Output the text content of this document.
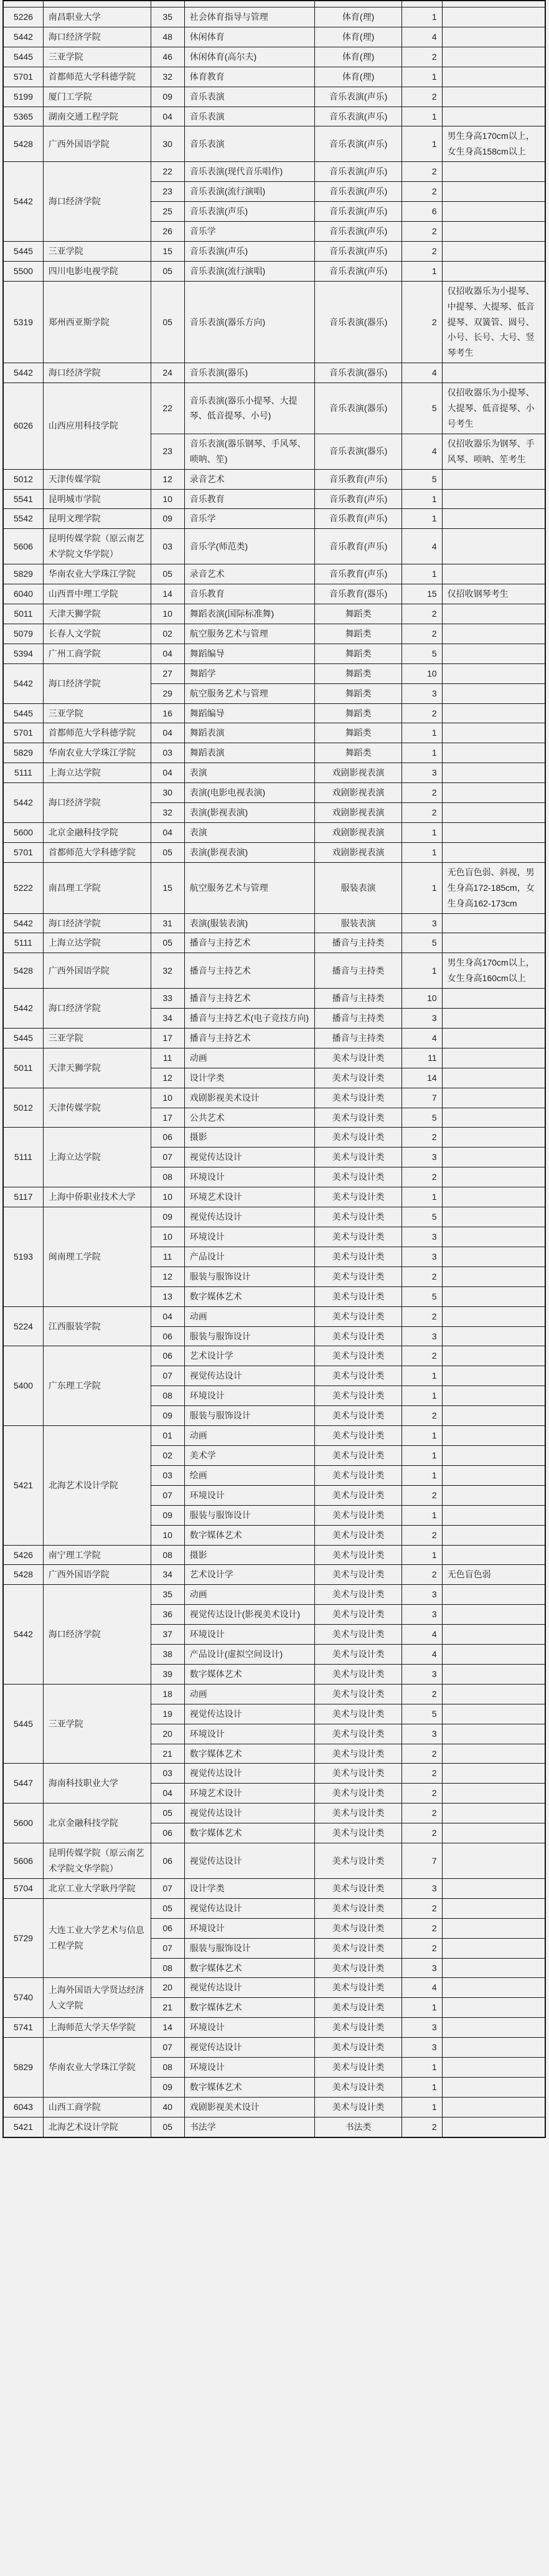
5226	南昌职业大学	35	社会体育指导与管理	体育(理)	1	
5442	海口经济学院	48	休闲体育	体育(理)	4	
5445	三亚学院	46	休闲体育(高尔夫)	体育(理)	2	
5701	首都师范大学科德学院	32	体育教育	体育(理)	1	
5199	厦门工学院	09	音乐表演	音乐表演(声乐)	2	
5365	湖南交通工程学院	04	音乐表演	音乐表演(声乐)	1	
5428	广西外国语学院	30	音乐表演	音乐表演(声乐)	1	男生身高170cm以上，女生身高158cm以上
5442	海口经济学院	22	音乐表演(现代音乐唱作)	音乐表演(声乐)	2	
		23	音乐表演(流行演唱)	音乐表演(声乐)	2	
		25	音乐表演(声乐)	音乐表演(声乐)	6	
		26	音乐学	音乐表演(声乐)	2	
5445	三亚学院	15	音乐表演(声乐)	音乐表演(声乐)	2	
5500	四川电影电视学院	05	音乐表演(流行演唱)	音乐表演(声乐)	1	
5319	郑州西亚斯学院	05	音乐表演(器乐方向)	音乐表演(器乐)	2	仅招收器乐为小提琴、中提琴、大提琴、低音提琴、双簧管、圆号、小号、长号、大号、竖琴考生
5442	海口经济学院	24	音乐表演(器乐)	音乐表演(器乐)	4	
6026	山西应用科技学院	22	音乐表演(器乐小提琴、大提琴、低音提琴、小号)	音乐表演(器乐)	5	仅招收器乐为小提琴、大提琴、低音提琴、小号考生
		23	音乐表演(器乐钢琴、手风琴、唢呐、笙)	音乐表演(器乐)	4	仅招收器乐为钢琴、手风琴、唢呐、笙考生
5012	天津传媒学院	12	录音艺术	音乐教育(声乐)	5	
5541	昆明城市学院	10	音乐教育	音乐教育(声乐)	1	
5542	昆明文理学院	09	音乐学	音乐教育(声乐)	1	
5606	昆明传媒学院（原云南艺术学院文华学院）	03	音乐学(师范类)	音乐教育(声乐)	4	
5829	华南农业大学珠江学院	05	录音艺术	音乐教育(声乐)	1	
6040	山西晋中理工学院	14	音乐教育	音乐教育(器乐)	15	仅招收钢琴考生
5011	天津天狮学院	10	舞蹈表演(国际标准舞)	舞蹈类	2	
5079	长春人文学院	02	航空服务艺术与管理	舞蹈类	2	
5394	广州工商学院	04	舞蹈编导	舞蹈类	5	
5442	海口经济学院	27	舞蹈学	舞蹈类	10	
		29	航空服务艺术与管理	舞蹈类	3	
5445	三亚学院	16	舞蹈编导	舞蹈类	2	
5701	首都师范大学科德学院	04	舞蹈表演	舞蹈类	1	
5829	华南农业大学珠江学院	03	舞蹈表演	舞蹈类	1	
5111	上海立达学院	04	表演	戏剧影视表演	3	
5442	海口经济学院	30	表演(电影电视表演)	戏剧影视表演	2	
		32	表演(影视表演)	戏剧影视表演	2	
5600	北京金融科技学院	04	表演	戏剧影视表演	1	
5701	首都师范大学科德学院	05	表演(影视表演)	戏剧影视表演	1	
5222	南昌理工学院	15	航空服务艺术与管理	服装表演	1	无色盲色弱、斜视，男生身高172-185cm，女生身高162-173cm
5442	海口经济学院	31	表演(服装表演)	服装表演	3	
5111	上海立达学院	05	播音与主持艺术	播音与主持类	5	
5428	广西外国语学院	32	播音与主持艺术	播音与主持类	1	男生身高170cm以上，女生身高160cm以上
5442	海口经济学院	33	播音与主持艺术	播音与主持类	10	
		34	播音与主持艺术(电子竞技方向)	播音与主持类	3	
5445	三亚学院	17	播音与主持艺术	播音与主持类	4	
5011	天津天狮学院	11	动画	美术与设计类	11	
		12	设计学类	美术与设计类	14	
5012	天津传媒学院	10	戏剧影视美术设计	美术与设计类	7	
		17	公共艺术	美术与设计类	5	
5111	上海立达学院	06	摄影	美术与设计类	2	
		07	视觉传达设计	美术与设计类	3	
		08	环境设计	美术与设计类	2	
5117	上海中侨职业技术大学	10	环境艺术设计	美术与设计类	1	
5193	闽南理工学院	09	视觉传达设计	美术与设计类	5	
		10	环境设计	美术与设计类	3	
		11	产品设计	美术与设计类	3	
		12	服装与服饰设计	美术与设计类	2	
		13	数字媒体艺术	美术与设计类	5	
5224	江西服装学院	04	动画	美术与设计类	2	
		06	服装与服饰设计	美术与设计类	3	
5400	广东理工学院	06	艺术设计学	美术与设计类	2	
		07	视觉传达设计	美术与设计类	1	
		08	环境设计	美术与设计类	1	
		09	服装与服饰设计	美术与设计类	2	
5421	北海艺术设计学院	01	动画	美术与设计类	1	
		02	美术学	美术与设计类	1	
		03	绘画	美术与设计类	1	
		07	环境设计	美术与设计类	2	
		09	服装与服饰设计	美术与设计类	1	
		10	数字媒体艺术	美术与设计类	2	
5426	南宁理工学院	08	摄影	美术与设计类	1	
5428	广西外国语学院	34	艺术设计学	美术与设计类	2	无色盲色弱
5442	海口经济学院	35	动画	美术与设计类	3	
		36	视觉传达设计(影视美术设计)	美术与设计类	3	
		37	环境设计	美术与设计类	4	
		38	产品设计(虚拟空间设计)	美术与设计类	4	
		39	数字媒体艺术	美术与设计类	3	
5445	三亚学院	18	动画	美术与设计类	2	
		19	视觉传达设计	美术与设计类	5	
		20	环境设计	美术与设计类	3	
		21	数字媒体艺术	美术与设计类	2	
5447	海南科技职业大学	03	视觉传达设计	美术与设计类	2	
		04	环境艺术设计	美术与设计类	2	
5600	北京金融科技学院	05	视觉传达设计	美术与设计类	2	
		06	数字媒体艺术	美术与设计类	2	
5606	昆明传媒学院（原云南艺术学院文华学院）	06	视觉传达设计	美术与设计类	7	
5704	北京工业大学耿丹学院	07	设计学类	美术与设计类	3	
5729	大连工业大学艺术与信息工程学院	05	视觉传达设计	美术与设计类	2	
		06	环境设计	美术与设计类	2	
		07	服装与服饰设计	美术与设计类	2	
		08	数字媒体艺术	美术与设计类	3	
5740	上海外国语大学贤达经济人文学院	20	视觉传达设计	美术与设计类	4	
		21	数字媒体艺术	美术与设计类	1	
5741	上海师范大学天华学院	14	环境设计	美术与设计类	3	
5829	华南农业大学珠江学院	07	视觉传达设计	美术与设计类	3	
		08	环境设计	美术与设计类	1	
		09	数字媒体艺术	美术与设计类	1	
6043	山西工商学院	40	戏剧影视美术设计	美术与设计类	1	
5421	北海艺术设计学院	05	书法学	书法类	2	
